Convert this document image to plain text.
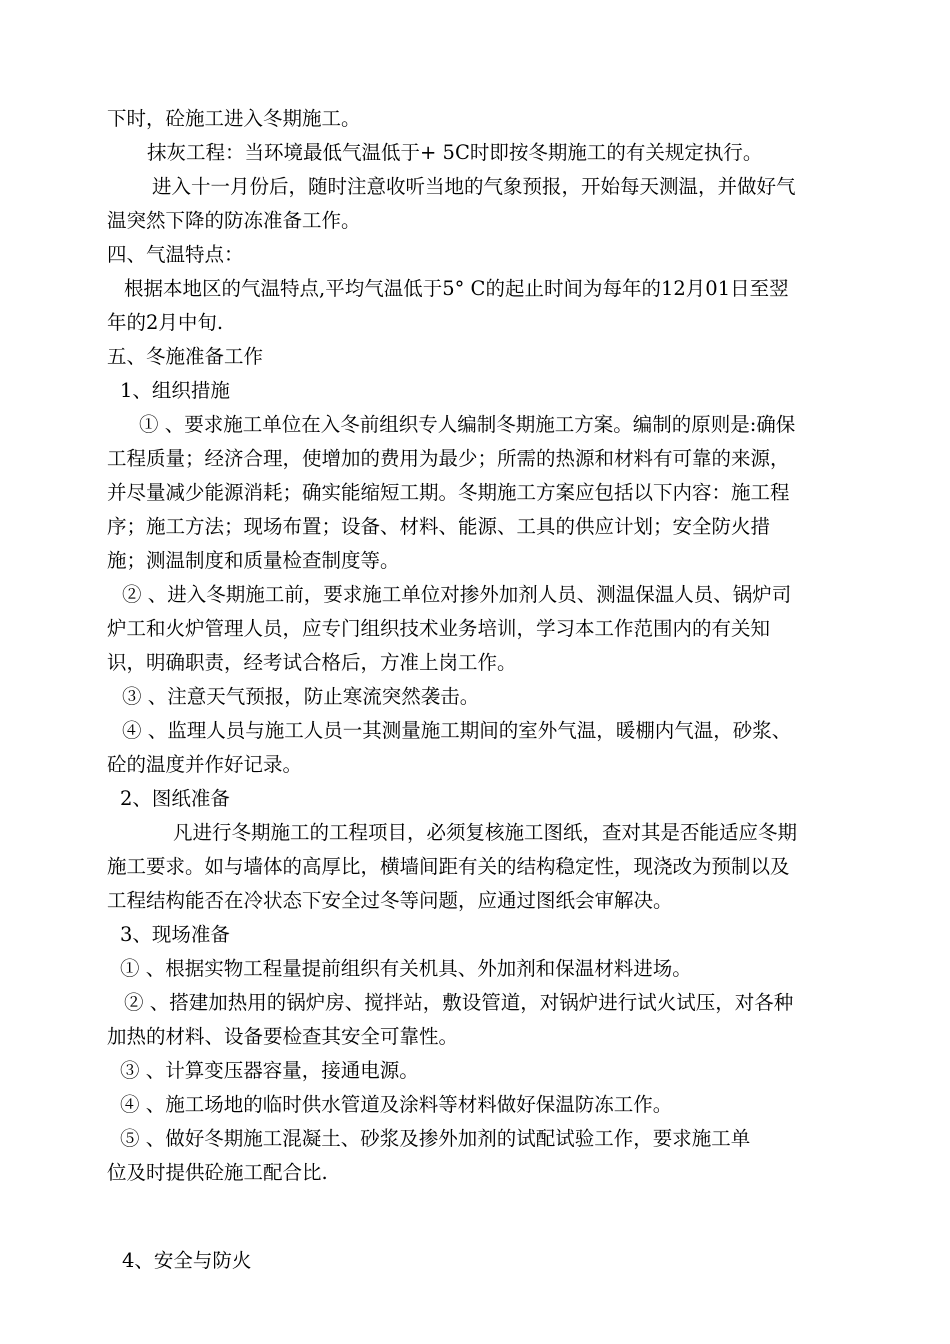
下时，砼施工进入冬期施工。
抹灰工程：当环境最低气温低于+ 5C时即按冬期施工的有关规定执行。
进入十一月份后，随时注意收听当地的气象预报，开始每天测温，并做好气
温突然下降的防冻准备工作。
四、气温特点：
根据本地区的气温特点,平均气温低于5° C的起止时间为每年的12月01日至翌
年的2月中旬.
五、冬施准备工作
1、组织措施
① 、要求施工单位在入冬前组织专人编制冬期施工方案。编制的原则是:确保
工程质量；经济合理，使增加的费用为最少；所需的热源和材料有可靠的来源，
并尽量减少能源消耗；确实能缩短工期。冬期施工方案应包括以下内容：施工程
序；施工方法；现场布置；设备、材料、能源、工具的供应计划；安全防火措
施；测温制度和质量检查制度等。
② 、进入冬期施工前，要求施工单位对掺外加剂人员、测温保温人员、锅炉司
炉工和火炉管理人员，应专门组织技术业务培训，学习本工作范围内的有关知
识，明确职责，经考试合格后，方准上岗工作。
③ 、注意天气预报，防止寒流突然袭击。
④ 、监理人员与施工人员一其测量施工期间的室外气温，暖棚内气温，砂浆、
砼的温度并作好记录。
2、图纸准备
凡进行冬期施工的工程项目，必须复核施工图纸，查对其是否能适应冬期
施工要求。如与墙体的高厚比，横墙间距有关的结构稳定性，现浇改为预制以及
工程结构能否在冷状态下安全过冬等问题，应通过图纸会审解决。
3、现场准备
① 、根据实物工程量提前组织有关机具、外加剂和保温材料进场。
② 、搭建加热用的锅炉房、搅拌站，敷设管道，对锅炉进行试火试压，对各种
加热的材料、设备要检查其安全可靠性。
③ 、计算变压器容量，接通电源。
④ 、施工场地的临时供水管道及涂料等材料做好保温防冻工作。
⑤ 、做好冬期施工混凝土、砂浆及掺外加剂的试配试验工作，要求施工单
位及时提供砼施工配合比.
4、安全与防火
